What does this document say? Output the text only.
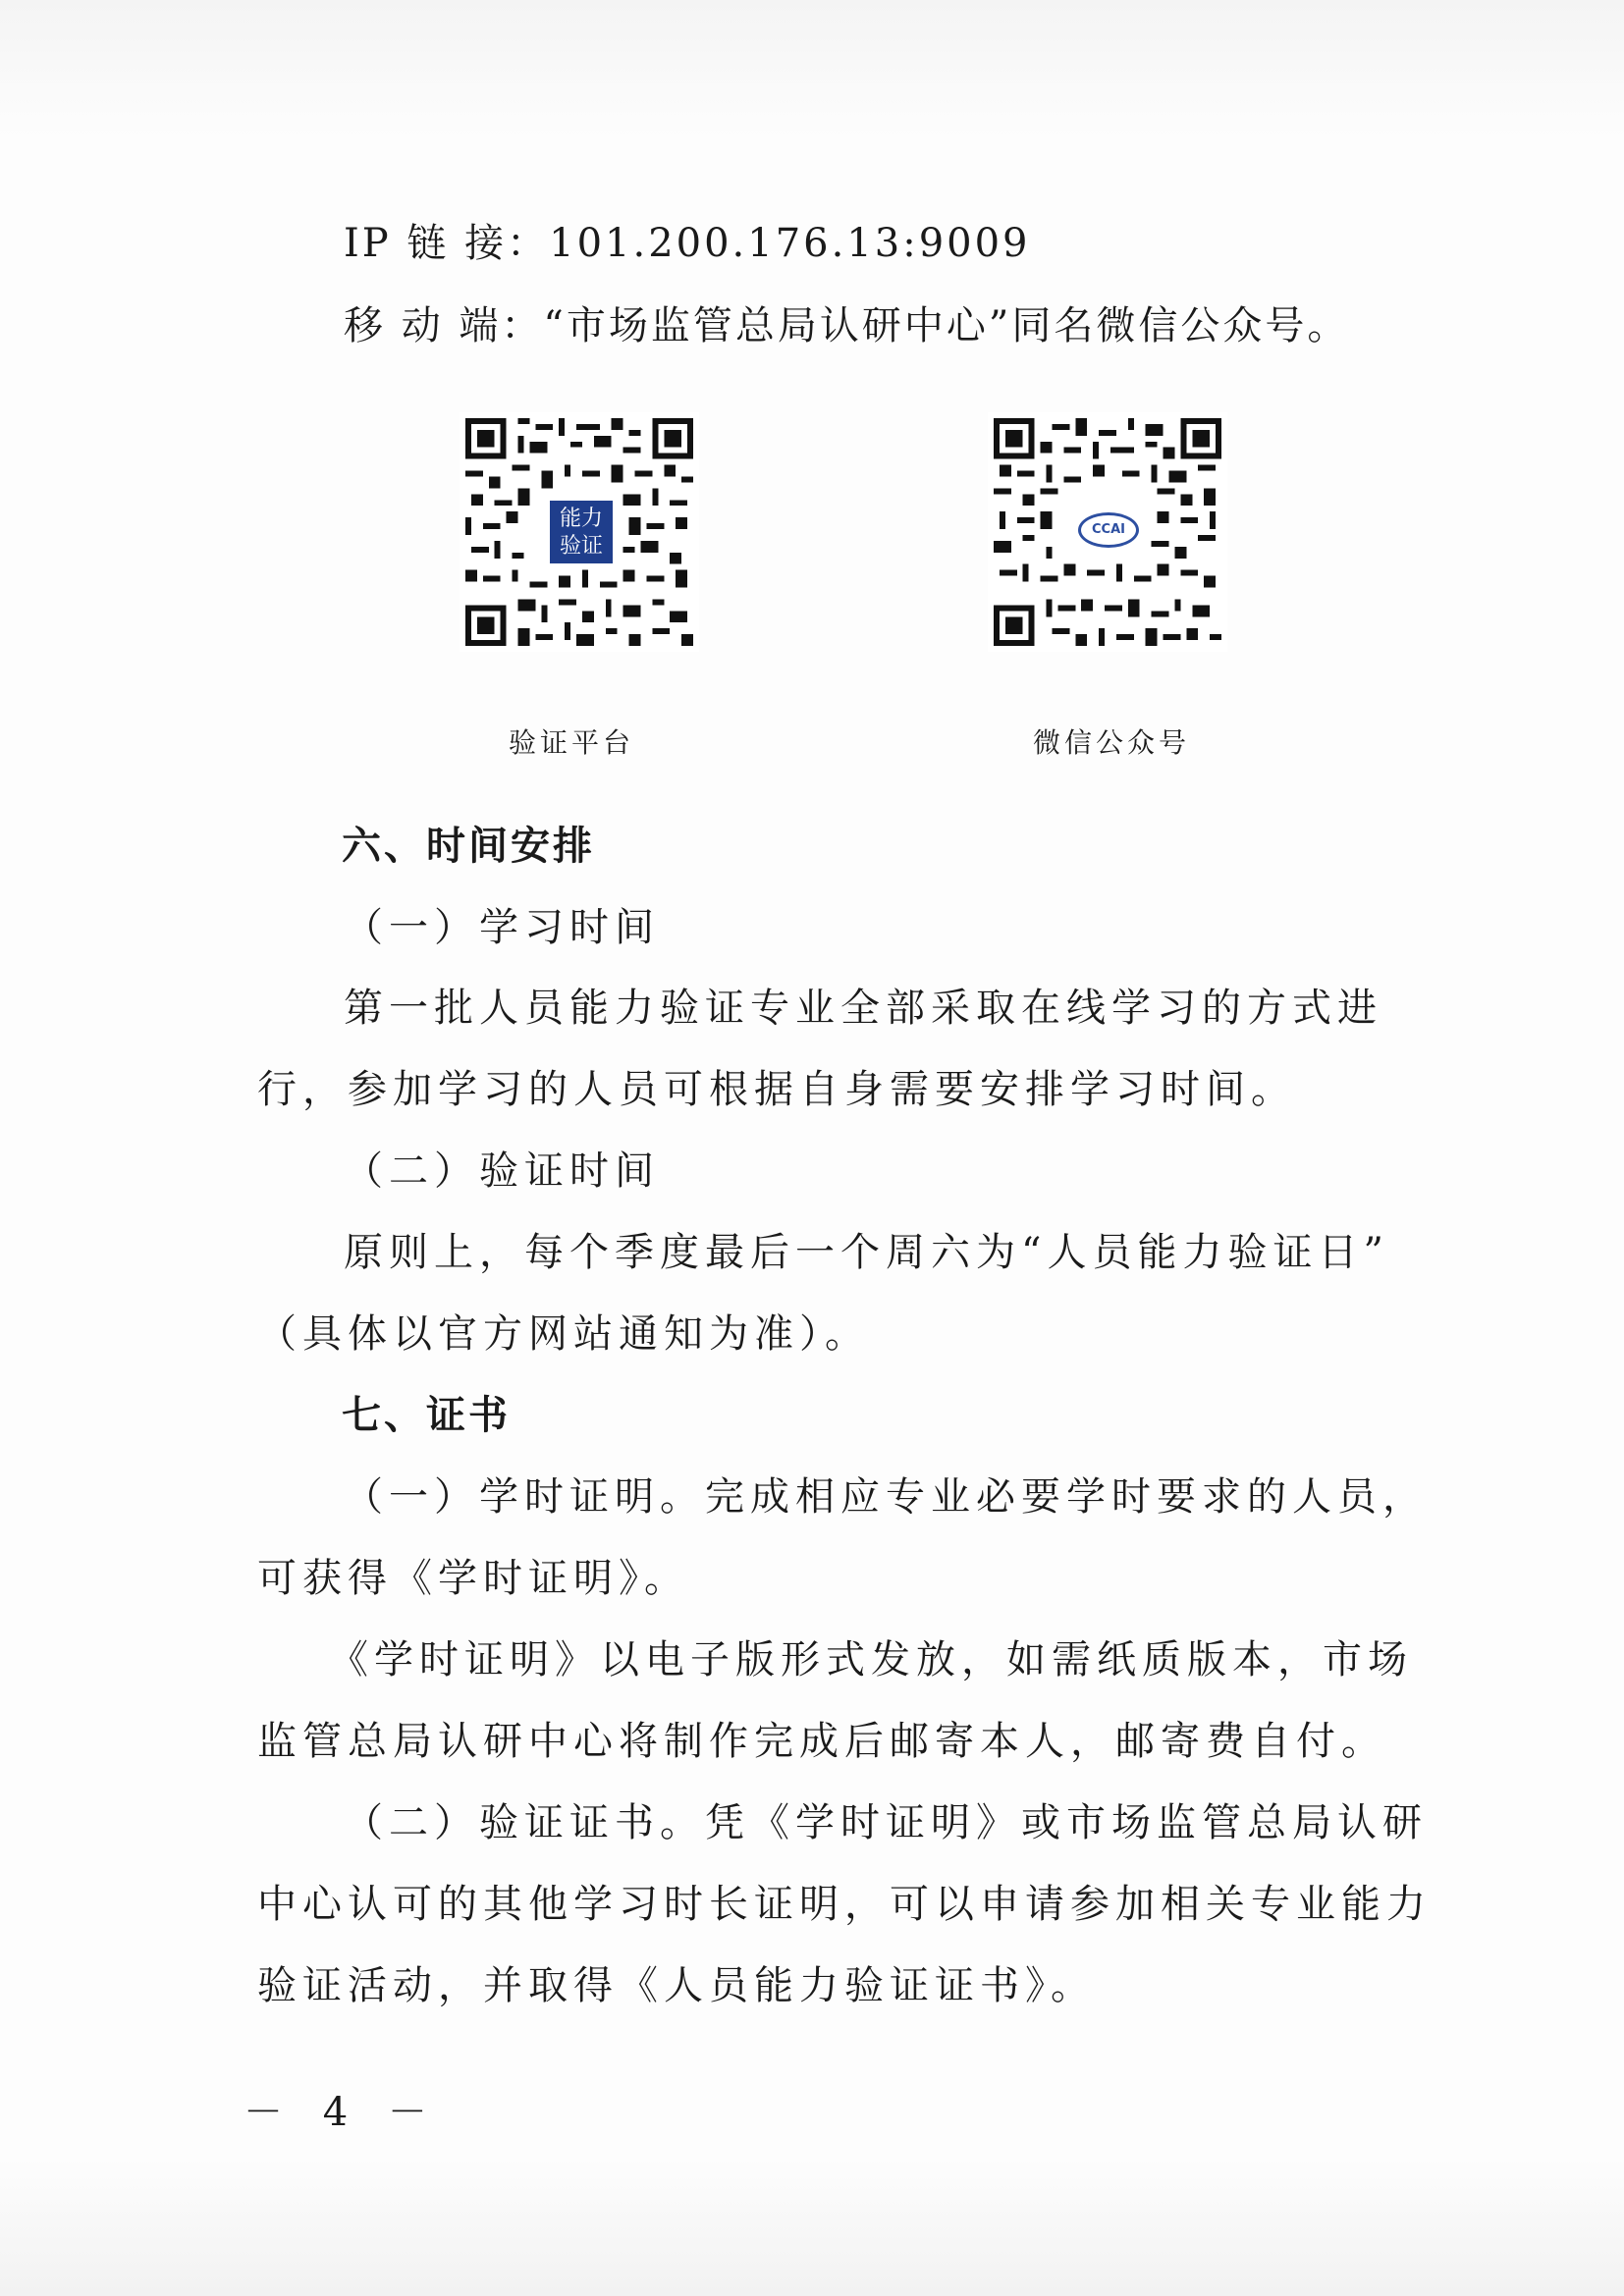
IP 链 接：101.200.176.13:9009
移 动 端：“市场监管总局认研中心”同名微信公众号。
能力
验证
验证平台
CCAI
微信公众号
六、时间安排
（一）学习时间
第一批人员能力验证专业全部采取在线学习的方式进
行，参加学习的人员可根据自身需要安排学习时间。
（二）验证时间
原则上，每个季度最后一个周六为“人员能力验证日”
（具体以官方网站通知为准）。
七、证书
（一）学时证明。完成相应专业必要学时要求的人员，
可获得《学时证明》。
《学时证明》以电子版形式发放，如需纸质版本，市场
监管总局认研中心将制作完成后邮寄本人，邮寄费自付。
（二）验证证书。凭《学时证明》或市场监管总局认研
中心认可的其他学习时长证明，可以申请参加相关专业能力
验证活动，并取得《人员能力验证证书》。
－ 4 －
